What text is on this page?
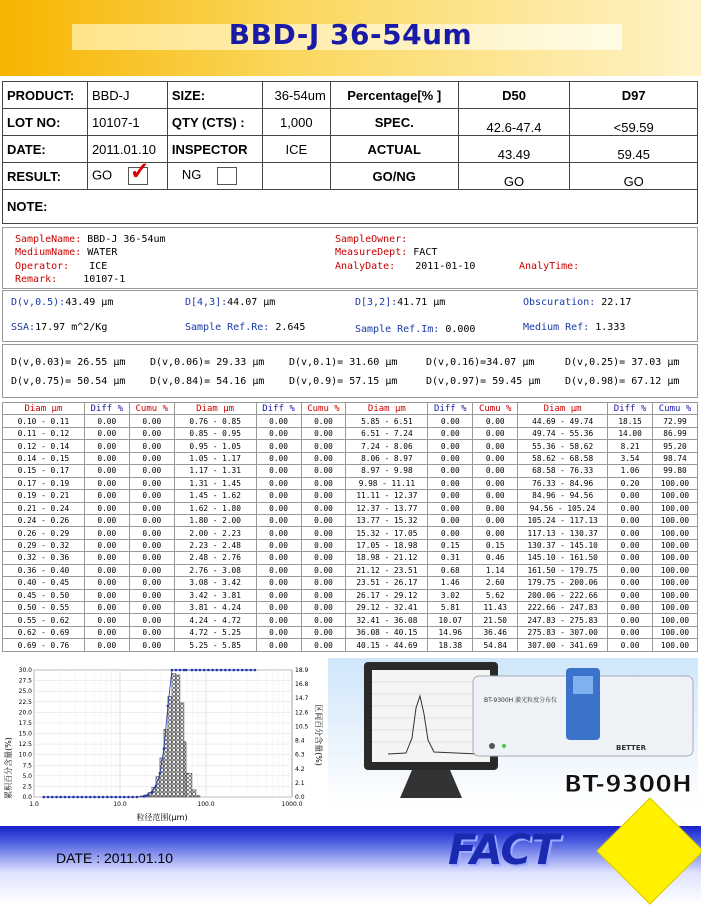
BBD-J 36-54um
PRODUCT:	BBD-J	SIZE:	36-54um	Percentage[% ]	D50	D97
LOT NO:	10107-1	QTY (CTS) :	1,000	SPEC.	42.6-47.4	<59.59
DATE:	2011.01.10	INSPECTOR	ICE	ACTUAL	43.49	59.45
RESULT:	GO ✓	NG		GO/NG	GO	GO
NOTE:						
SampleName: BBD-J 36-54um
MediumName: WATER
Operator: ICE
Remark:	10107-1
SampleOwner:
MeasureDept: FACT
AnalyDate: 2011-01-10	AnalyTime:
D(v,0.5):43.49 μm	D[4,3]:44.07 μm	D[3,2]:41.71 μm	Obscuration: 22.17
SSA:17.97 m^2/Kg	Sample Ref.Re: 2.645	Sample Ref.Im: 0.000	Medium Ref: 1.333
D(v,0.03)= 26.55 μm D(v,0.06)= 29.33 μm D(v,0.1)= 31.60 μm	D(v,0.16)=34.07 μm	D(v,0.25)= 37.03 μm
D(v,0.75)= 50.54 μm D(v,0.84)= 54.16 μm D(v,0.9)= 57.15 μm	D(v,0.97)= 59.45 μm D(v,0.98)= 67.12 μm
Diam μm	Diff %	Cumu %	Diam μm	Diff %	Cumu %	Diam μm	Diff %	Cumu %	Diam μm	Diff %	Cumu %
0.10 - 0.11	0.00	0.00	0.76 - 0.85	0.00	0.00	5.85 - 6.51	0.00	0.00	44.69 - 49.74	18.15	72.99
0.11 - 0.12	0.00	0.00	0.85 - 0.95	0.00	0.00	6.51 - 7.24	0.00	0.00	49.74 - 55.36	14.00	86.99
0.12 - 0.14	0.00	0.00	0.95 - 1.05	0.00	0.00	7.24 - 8.06	0.00	0.00	55.36 - 58.62	8.21	95.20
0.14 - 0.15	0.00	0.00	1.05 - 1.17	0.00	0.00	8.06 - 8.97	0.00	0.00	58.62 - 68.58	3.54	98.74
0.15 - 0.17	0.00	0.00	1.17 - 1.31	0.00	0.00	8.97 - 9.98	0.00	0.00	68.58 - 76.33	1.06	99.80
0.17 - 0.19	0.00	0.00	1.31 - 1.45	0.00	0.00	9.98 - 11.11	0.00	0.00	76.33 - 84.96	0.20	100.00
0.19 - 0.21	0.00	0.00	1.45 - 1.62	0.00	0.00	11.11 - 12.37	0.00	0.00	84.96 - 94.56	0.00	100.00
0.21 - 0.24	0.00	0.00	1.62 - 1.80	0.00	0.00	12.37 - 13.77	0.00	0.00	94.56 - 105.24	0.00	100.00
0.24 - 0.26	0.00	0.00	1.80 - 2.00	0.00	0.00	13.77 - 15.32	0.00	0.00	105.24 - 117.13	0.00	100.00
0.26 - 0.29	0.00	0.00	2.00 - 2.23	0.00	0.00	15.32 - 17.05	0.00	0.00	117.13 - 130.37	0.00	100.00
0.29 - 0.32	0.00	0.00	2.23 - 2.48	0.00	0.00	17.05 - 18.98	0.15	0.15	130.37 - 145.10	0.00	100.00
0.32 - 0.36	0.00	0.00	2.48 - 2.76	0.00	0.00	18.98 - 21.12	0.31	0.46	145.10 - 161.50	0.00	100.00
0.36 - 0.40	0.00	0.00	2.76 - 3.08	0.00	0.00	21.12 - 23.51	0.68	1.14	161.50 - 179.75	0.00	100.00
0.40 - 0.45	0.00	0.00	3.08 - 3.42	0.00	0.00	23.51 - 26.17	1.46	2.60	179.75 - 200.06	0.00	100.00
0.45 - 0.50	0.00	0.00	3.42 - 3.81	0.00	0.00	26.17 - 29.12	3.02	5.62	200.06 - 222.66	0.00	100.00
0.50 - 0.55	0.00	0.00	3.81 - 4.24	0.00	0.00	29.12 - 32.41	5.81	11.43	222.66 - 247.83	0.00	100.00
0.55 - 0.62	0.00	0.00	4.24 - 4.72	0.00	0.00	32.41 - 36.08	10.07	21.50	247.83 - 275.83	0.00	100.00
0.62 - 0.69	0.00	0.00	4.72 - 5.25	0.00	0.00	36.08 - 40.15	14.96	36.46	275.83 - 307.00	0.00	100.00
0.69 - 0.76	0.00	0.00	5.25 - 5.85	0.00	0.00	40.15 - 44.69	18.38	54.84	307.00 - 341.69	0.00	100.00
0.0
2.5
5.0
7.5
10.0
12.5
15.0
17.5
20.0
22.5
25.0
27.5
30.0
0.0
2.1
4.2
6.3
8.4
10.5
12.6
14.7
16.8
18.9
1.0	10.0	100.0	1000.0
累积百分含量(%)
区间百分含量(%)
粒径范围(μm)
BT-9300H 激光粒度分布仪
BETTER
BT-9300H
DATE : 2011.01.10	FACT
